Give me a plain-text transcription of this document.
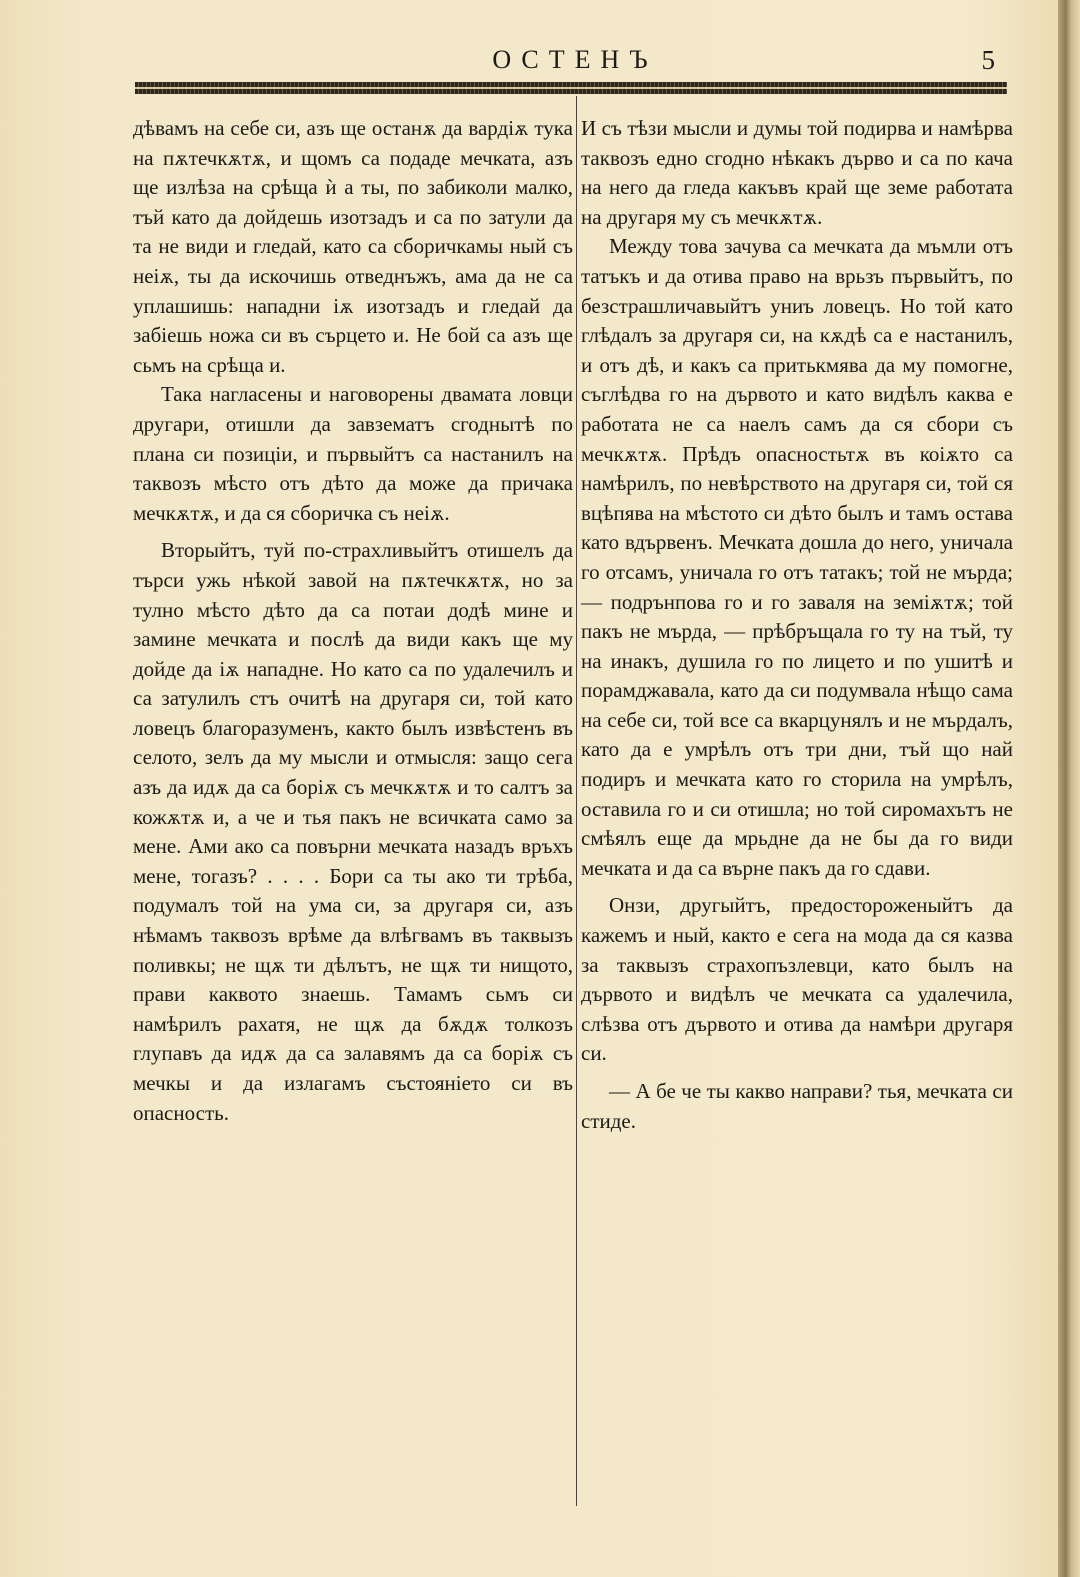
ОСТЕНЪ	5

дѣвамъ на себе си, азъ ще останѫ да вардіѫ тука на пѫтечкѫтѫ, и щомъ са подаде мечката, азъ ще излѣза на срѣща ѝ а ты, по забиколи малко, тъй като да дойдешь изотзадъ и са по затули да та не види и гледай, като са сборичкамы ный съ неіѫ, ты да искочишь отведнъжъ, ама да не са уплашишь: нападни іѫ изотзадъ и гледай да забіешь ножа си въ сърцето и. Не бой са азъ ще сьмъ на срѣща и.

Така нагласены и наговорены двамата ловци другари, отишли да завзематъ сгоднытѣ по плана си позиціи, и първыйтъ са настанилъ на таквозъ мѣсто отъ дѣто да може да причака мечкѫтѫ, и да ся сборичка съ неіѫ.

Вторыйтъ, туй по-страхливыйтъ отишелъ да търси ужь нѣкой завой на пѫтечкѫтѫ, но за тулно мѣсто дѣто да са потаи додѣ мине и замине мечката и послѣ да види какъ ще му дойде да іѫ нападне. Но като са по удалечилъ и са затулилъ стъ очитѣ на другаря си, той като ловецъ благоразуменъ, както былъ извѣстенъ въ селото, зелъ да му мысли и отмысля: защо сега азъ да идѫ да са боріѫ съ мечкѫтѫ и то салтъ за кожѫтѫ и, а че и тья пакъ не всичката само за мене. Ами ако са повърни мечката назадъ връхъ мене, тогазъ? . . . . Бори са ты ако ти трѣба, подумалъ той на ума си, за другаря си, азъ нѣмамъ таквозъ врѣме да влѣгвамъ въ таквызъ поливкы; не щѫ ти дѣлътъ, не щѫ ти нищото, прави каквото знаешь. Тамамъ сьмъ си намѣрилъ рахатя, не щѫ да бѫдѫ толкозъ глупавъ да идѫ да са залавямъ да са боріѫ съ мечкы и да излагамъ състояніето си въ опасность.

И съ тѣзи мысли и думы той подирва и намѣрва таквозъ едно сгодно нѣкакъ дърво и са по кача на него да гледа какъвъ край ще земе работата на другаря му съ мечкѫтѫ.

Между това зачува са мечката да мъмли отъ татъкъ и да отива право на врьзъ първыйтъ, по безстрашличавыйтъ униъ ловецъ. Но той като глѣдалъ за другаря си, на кѫдѣ са е настанилъ, и отъ дѣ, и какъ са притькмява да му помогне, съглѣдва го на дървото и като видѣлъ каква е работата не са наелъ самъ да ся сбори съ мечкѫтѫ. Прѣдъ опасностьтѫ въ коіѫто са намѣрилъ, по невѣрството на другаря си, той ся вцѣпява на мѣстото си дѣто былъ и тамъ остава като вдървенъ. Мечката дошла до него, уничала го отсамъ, уничала го отъ татакъ; той не мърда; — подрънпова го и го заваля на земіѫтѫ; той пакъ не мърда, — прѣбръщала го ту на тъй, ту на инакъ, душила го по лицето и по ушитѣ и порамджавала, като да си подумвала нѣщо сама на себе си, той все са вкарцунялъ и не мърдалъ, като да е умрѣлъ отъ три дни, тъй що най подиръ и мечката като го сторила на умрѣлъ, оставила го и си отишла; но той сиромахътъ не смѣялъ еще да мрьдне да не бы да го види мечката и да са върне пакъ да го сдави.

Онзи, другыйтъ, предостороженыйтъ да кажемъ и ный, както е сега на мода да ся казва за таквызъ страхопъзлевци, като былъ на дървото и видѣлъ че мечката са удалечила, слѣзва отъ дървото и отива да намѣри другаря си.

— А бе че ты какво направи? тья, мечката си стиде.
